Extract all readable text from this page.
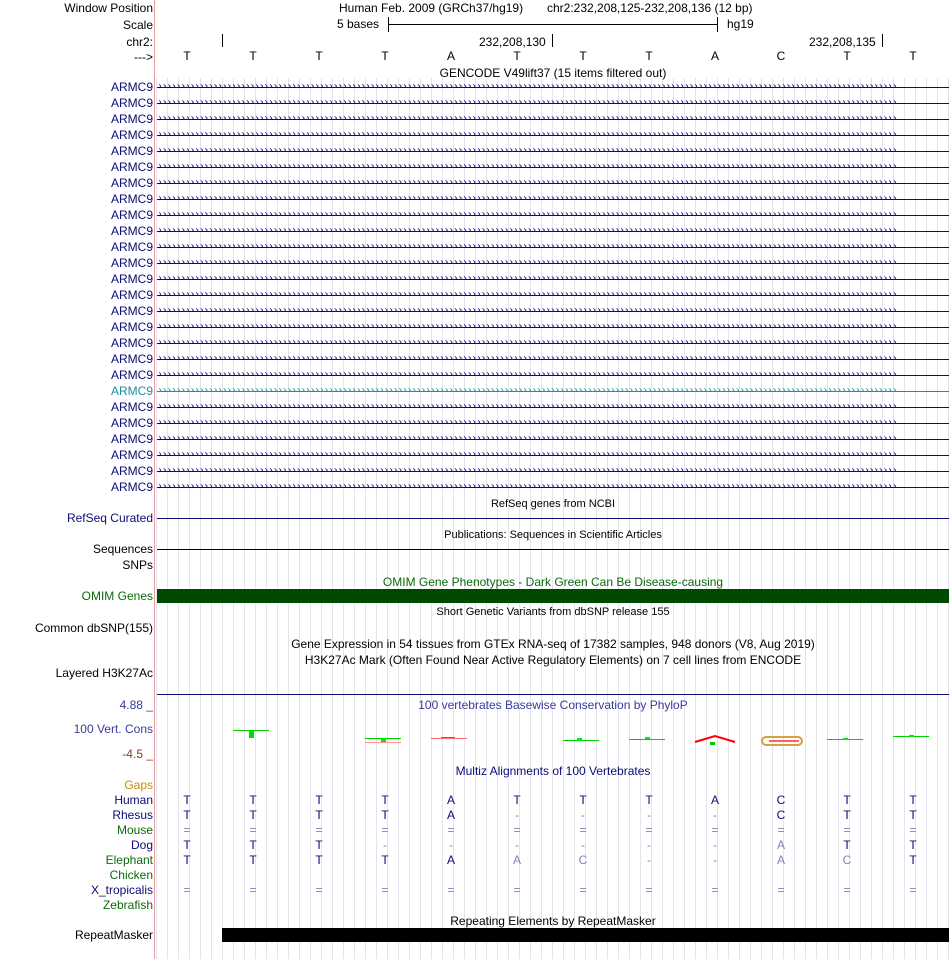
Window Position	Human Feb. 2009 (GRCh37/hg19) chr2:232,208,125-232,208,136 (12 bp)
Scale	5 bases	hg19
chr2:	232,208,130	232,208,135
--->	T	T	T	T	A	T	T	T	A	C	T	T
GENCODE V49lift37 (15 items filtered out)
ARMC9 ››››››››››››››››››››››››››››››››››››››››››››››››››››››››››››››››››››››››››››››››››››››››››››››››››››››››››››››››››››››››››››››››››››››››››››››››››››››››››››››››
ARMC9 ››››››››››››››››››››››››››››››››››››››››››››››››››››››››››››››››››››››››››››››››››››››››››››››››››››››››››››››››››››››››››››››››››››››››››››››››››››››››››››››››
ARMC9 ››››››››››››››››››››››››››››››››››››››››››››››››››››››››››››››››››››››››››››››››››››››››››››››››››››››››››››››››››››››››››››››››››››››››››››››››››››››››››››››››
ARMC9 ››››››››››››››››››››››››››››››››››››››››››››››››››››››››››››››››››››››››››››››››››››››››››››››››››››››››››››››››››››››››››››››››››››››››››››››››››››››››››››››››
ARMC9 ››››››››››››››››››››››››››››››››››››››››››››››››››››››››››››››››››››››››››››››››››››››››››››››››››››››››››››››››››››››››››››››››››››››››››››››››››››››››››››››››
ARMC9 ››››››››››››››››››››››››››››››››››››››››››››››››››››››››››››››››››››››››››››››››››››››››››››››››››››››››››››››››››››››››››››››››››››››››››››››››››››››››››››››››
ARMC9 ››››››››››››››››››››››››››››››››››››››››››››››››››››››››››››››››››››››››››››››››››››››››››››››››››››››››››››››››››››››››››››››››››››››››››››››››››››››››››››››››
ARMC9 ››››››››››››››››››››››››››››››››››››››››››››››››››››››››››››››››››››››››››››››››››››››››››››››››››››››››››››››››››››››››››››››››››››››››››››››››››››››››››››››››
ARMC9 ››››››››››››››››››››››››››››››››››››››››››››››››››››››››››››››››››››››››››››››››››››››››››››››››››››››››››››››››››››››››››››››››››››››››››››››››››››››››››››››››
ARMC9 ››››››››››››››››››››››››››››››››››››››››››››››››››››››››››››››››››››››››››››››››››››››››››››››››››››››››››››››››››››››››››››››››››››››››››››››››››››››››››››››››
ARMC9 ››››››››››››››››››››››››››››››››››››››››››››››››››››››››››››››››››››››››››››››››››››››››››››››››››››››››››››››››››››››››››››››››››››››››››››››››››››››››››››››››
ARMC9 ››››››››››››››››››››››››››››››››››››››››››››››››››››››››››››››››››››››››››››››››››››››››››››››››››››››››››››››››››››››››››››››››››››››››››››››››››››››››››››››››
ARMC9 ››››››››››››››››››››››››››››››››››››››››››››››››››››››››››››››››››››››››››››››››››››››››››››››››››››››››››››››››››››››››››››››››››››››››››››››››››››››››››››››››
ARMC9 ››››››››››››››››››››››››››››››››››››››››››››››››››››››››››››››››››››››››››››››››››››››››››››››››››››››››››››››››››››››››››››››››››››››››››››››››››››››››››››››››
ARMC9 ››››››››››››››››››››››››››››››››››››››››››››››››››››››››››››››››››››››››››››››››››››››››››››››››››››››››››››››››››››››››››››››››››››››››››››››››››››››››››››››››
ARMC9 ››››››››››››››››››››››››››››››››››››››››››››››››››››››››››››››››››››››››››››››››››››››››››››››››››››››››››››››››››››››››››››››››››››››››››››››››››››››››››››››››
ARMC9 ››››››››››››››››››››››››››››››››››››››››››››››››››››››››››››››››››››››››››››››››››››››››››››››››››››››››››››››››››››››››››››››››››››››››››››››››››››››››››››››››
ARMC9 ››››››››››››››››››››››››››››››››››››››››››››››››››››››››››››››››››››››››››››››››››››››››››››››››››››››››››››››››››››››››››››››››››››››››››››››››››››››››››››››››
ARMC9 ››››››››››››››››››››››››››››››››››››››››››››››››››››››››››››››››››››››››››››››››››››››››››››››››››››››››››››››››››››››››››››››››››››››››››››››››››››››››››››››››
ARMC9 ››››››››››››››››››››››››››››››››››››››››››››››››››››››››››››››››››››››››››››››››››››››››››››››››››››››››››››››››››››››››››››››››››››››››››››››››››››››››››››››››
ARMC9 ››››››››››››››››››››››››››››››››››››››››››››››››››››››››››››››››››››››››››››››››››››››››››››››››››››››››››››››››››››››››››››››››››››››››››››››››››››››››››››››››
ARMC9 ››››››››››››››››››››››››››››››››››››››››››››››››››››››››››››››››››››››››››››››››››››››››››››››››››››››››››››››››››››››››››››››››››››››››››››››››››››››››››››››››
ARMC9 ››››››››››››››››››››››››››››››››››››››››››››››››››››››››››››››››››››››››››››››››››››››››››››››››››››››››››››››››››››››››››››››››››››››››››››››››››››››››››››››››
ARMC9 ››››››››››››››››››››››››››››››››››››››››››››››››››››››››››››››››››››››››››››››››››››››››››››››››››››››››››››››››››››››››››››››››››››››››››››››››››››››››››››››››
ARMC9 ››››››››››››››››››››››››››››››››››››››››››››››››››››››››››››››››››››››››››››››››››››››››››››››››››››››››››››››››››››››››››››››››››››››››››››››››››››››››››››››››
ARMC9 ››››››››››››››››››››››››››››››››››››››››››››››››››››››››››››››››››››››››››››››››››››››››››››››››››››››››››››››››››››››››››››››››››››››››››››››››››››››››››››››››
RefSeq genes from NCBI
RefSeq Curated
Publications: Sequences in Scientific Articles
Sequences
SNPs
OMIM Gene Phenotypes - Dark Green Can Be Disease-causing
OMIM Genes
Short Genetic Variants from dbSNP release 155
Common dbSNP(155)
Gene Expression in 54 tissues from GTEx RNA-seq of 17382 samples, 948 donors (V8, Aug 2019)
H3K27Ac Mark (Often Found Near Active Regulatory Elements) on 7 cell lines from ENCODE
Layered H3K27Ac
100 vertebrates Basewise Conservation by PhyloP
4.88 _
100 Vert. Cons
-4.5 _
Multiz Alignments of 100 Vertebrates
Gaps
Human	T	T	T	T	A	T	T	T	A	C	T	T
Rhesus	T	T	T	T	A	-	-	-	-	C	T	T
Mouse	=	=	=	=	=	=	=	=	=	=	=	=
Dog	T	T	T	-	-	-	-	-	-	A	T	T
Elephant	T	T	T	T	A	A	C	-	-	A	C	T
Chicken
X_tropicalis	=	=	=	=	=	=	=	=	=	=	=	=
Zebrafish
Repeating Elements by RepeatMasker
RepeatMasker
